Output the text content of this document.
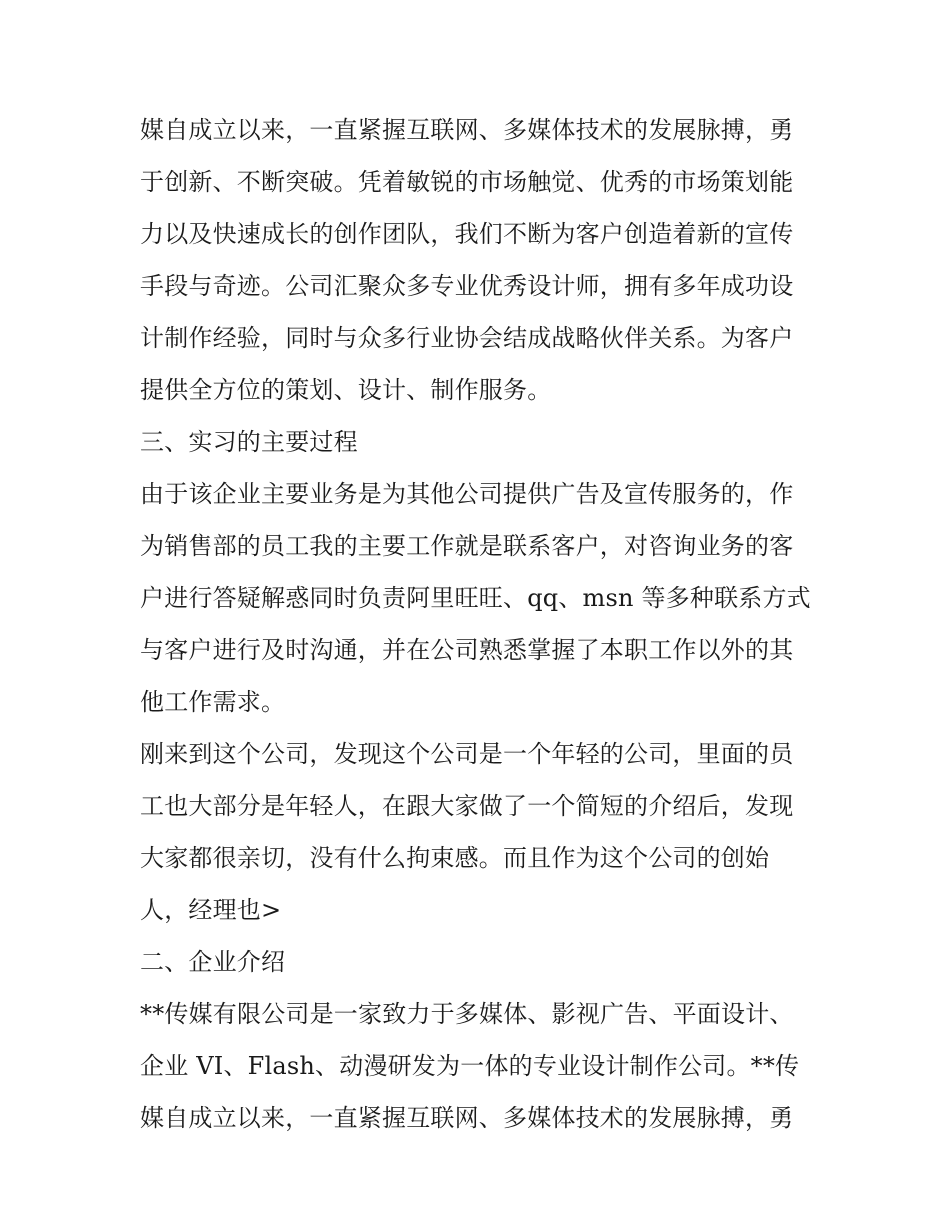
媒自成立以来，一直紧握互联网、多媒体技术的发展脉搏，勇
于创新、不断突破。凭着敏锐的市场触觉、优秀的市场策划能
力以及快速成长的创作团队，我们不断为客户创造着新的宣传
手段与奇迹。公司汇聚众多专业优秀设计师，拥有多年成功设
计制作经验，同时与众多行业协会结成战略伙伴关系。为客户
提供全方位的策划、设计、制作服务。
三、实习的主要过程
由于该企业主要业务是为其他公司提供广告及宣传服务的，作
为销售部的员工我的主要工作就是联系客户，对咨询业务的客
户进行答疑解惑同时负责阿里旺旺、qq、msn 等多种联系方式
与客户进行及时沟通，并在公司熟悉掌握了本职工作以外的其
他工作需求。
刚来到这个公司，发现这个公司是一个年轻的公司，里面的员
工也大部分是年轻人，在跟大家做了一个简短的介绍后，发现
大家都很亲切，没有什么拘束感。而且作为这个公司的创始
人，经理也>
二、企业介绍
**传媒有限公司是一家致力于多媒体、影视广告、平面设计、
企业 VI、Flash、动漫研发为一体的专业设计制作公司。**传
媒自成立以来，一直紧握互联网、多媒体技术的发展脉搏，勇
